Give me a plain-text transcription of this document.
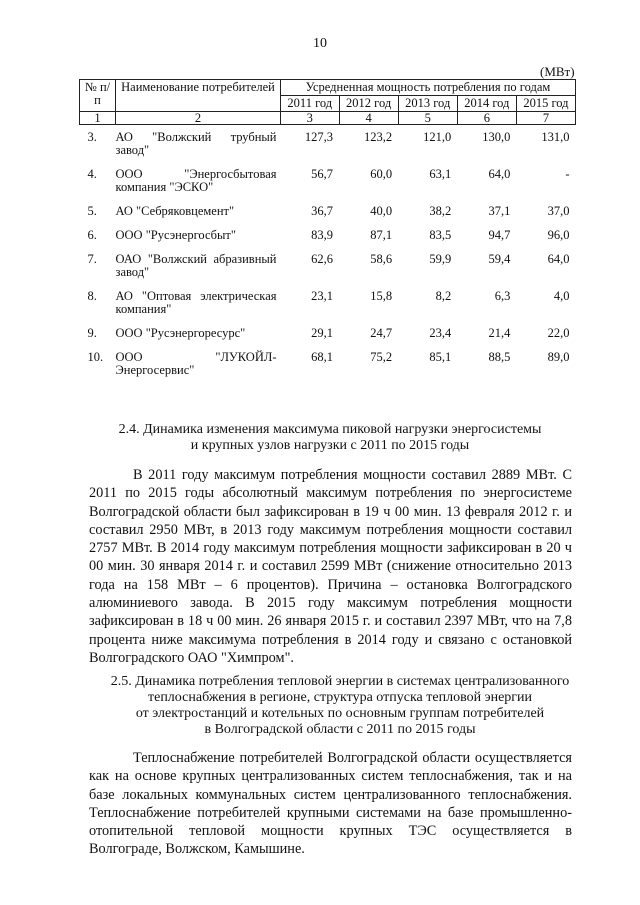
10
(МВт)
№ п/п	Наименование потребителей	Усредненная мощность потребления по годам				
		2011 год	2012 год	2013 год	2014 год	2015 год
1	2	3	4	5	6	7
3.	АО "Волжский трубный завод"	127,3	123,2	121,0	130,0	131,0
4.	ООО "Энергосбытовая компания "ЭСКО"	56,7	60,0	63,1	64,0	-
5.	АО "Себряковцемент"	36,7	40,0	38,2	37,1	37,0
6.	ООО "Русэнергосбыт"	83,9	87,1	83,5	94,7	96,0
7.	ОАО "Волжский абразивный завод"	62,6	58,6	59,9	59,4	64,0
8.	АО "Оптовая электрическая компания"	23,1	15,8	8,2	6,3	4,0
9.	ООО "Русэнергоресурс"	29,1	24,7	23,4	21,4	22,0
10.	ООО "ЛУКОЙЛ-Энергосервис"	68,1	75,2	85,1	88,5	89,0
2.4. Динамика изменения максимума пиковой нагрузки энергосистемы
и крупных узлов нагрузки с 2011 по 2015 годы

В 2011 году максимум потребления мощности составил 2889 МВт. С 2011 по 2015 годы абсолютный максимум потребления по энергосистеме Волгоградской области был зафиксирован в 19 ч 00 мин. 13 февраля 2012 г. и составил 2950 МВт, в 2013 году максимум потребления мощности составил 2757 МВт. В 2014 году максимум потребления мощности зафиксирован в 20 ч 00 мин. 30 января 2014 г. и составил 2599 МВт (снижение относительно 2013 года на 158 МВт – 6 процентов). Причина – остановка Волгоградского алюминиевого завода. В 2015 году максимум потребления мощности зафиксирован в 18 ч 00 мин. 26 января 2015 г. и составил 2397 МВт, что на 7,8 процента ниже максимума потребления в 2014 году и связано с остановкой Волгоградского ОАО "Химпром".

2.5. Динамика потребления тепловой энергии в системах централизованного
теплоснабжения в регионе, структура отпуска тепловой энергии
от электростанций и котельных по основным группам потребителей
в Волгоградской области с 2011 по 2015 годы

Теплоснабжение потребителей Волгоградской области осуществляется как на основе крупных централизованных систем теплоснабжения, так и на базе локальных коммунальных систем централизованного теплоснабжения. Теплоснабжение потребителей крупными системами на базе промышленно-отопительной тепловой мощности крупных ТЭС осуществляется в Волгограде, Волжском, Камышине.
